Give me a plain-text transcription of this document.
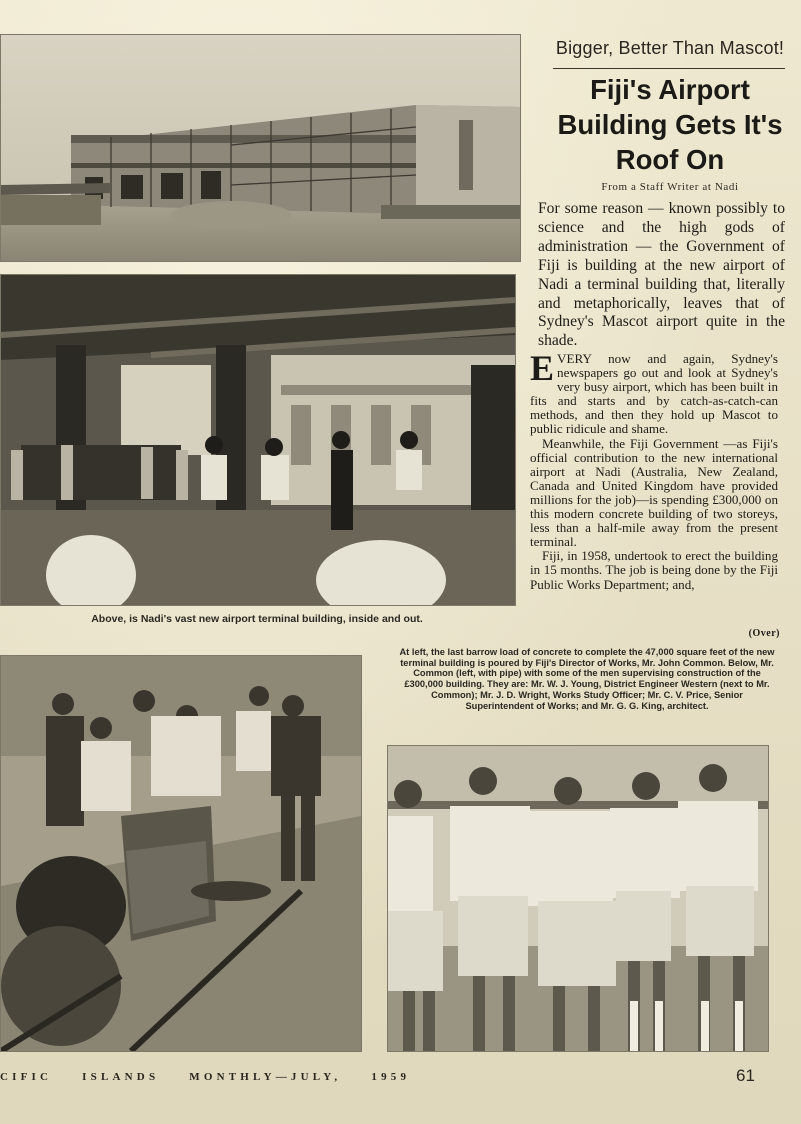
Bigger, Better Than Mascot!
Fiji's Airport Building Gets It's Roof On
From a Staff Writer at Nadi
For some reason — known possibly to science and the high gods of administration — the Government of Fiji is building at the new airport of Nadi a terminal building that, literally and metaphorically, leaves that of Sydney's Mascot airport quite in the shade.

EVERY now and again, Sydney's newspapers go out and look at Sydney's very busy airport, which has been built in fits and starts and by catch-as-catch-can methods, and then they hold up Mascot to public ridicule and shame.

Meanwhile, the Fiji Government —as Fiji's official contribution to the new international airport at Nadi (Australia, New Zealand, Canada and United Kingdom have provided millions for the job)—is spending £300,000 on this modern concrete building of two storeys, less than a half-mile away from the present terminal.

Fiji, in 1958, undertook to erect the building in 15 months. The job is being done by the Fiji Public Works Department; and,

(Over)
Above, is Nadi's vast new airport terminal building, inside and out.
At left, the last barrow load of concrete to complete the 47,000 square feet of the new terminal building is poured by Fiji's Director of Works, Mr. John Common. Below, Mr. Common (left, with pipe) with some of the men supervising construction of the £300,000 building. They are: Mr. W. J. Young, District Engineer Western (next to Mr. Common); Mr. J. D. Wright, Works Study Officer; Mr. C. V. Price, Senior Superintendent of Works; and Mr. G. G. King, architect.
CIFIC	ISLANDS	MONTHLY—JULY,	1959	61
